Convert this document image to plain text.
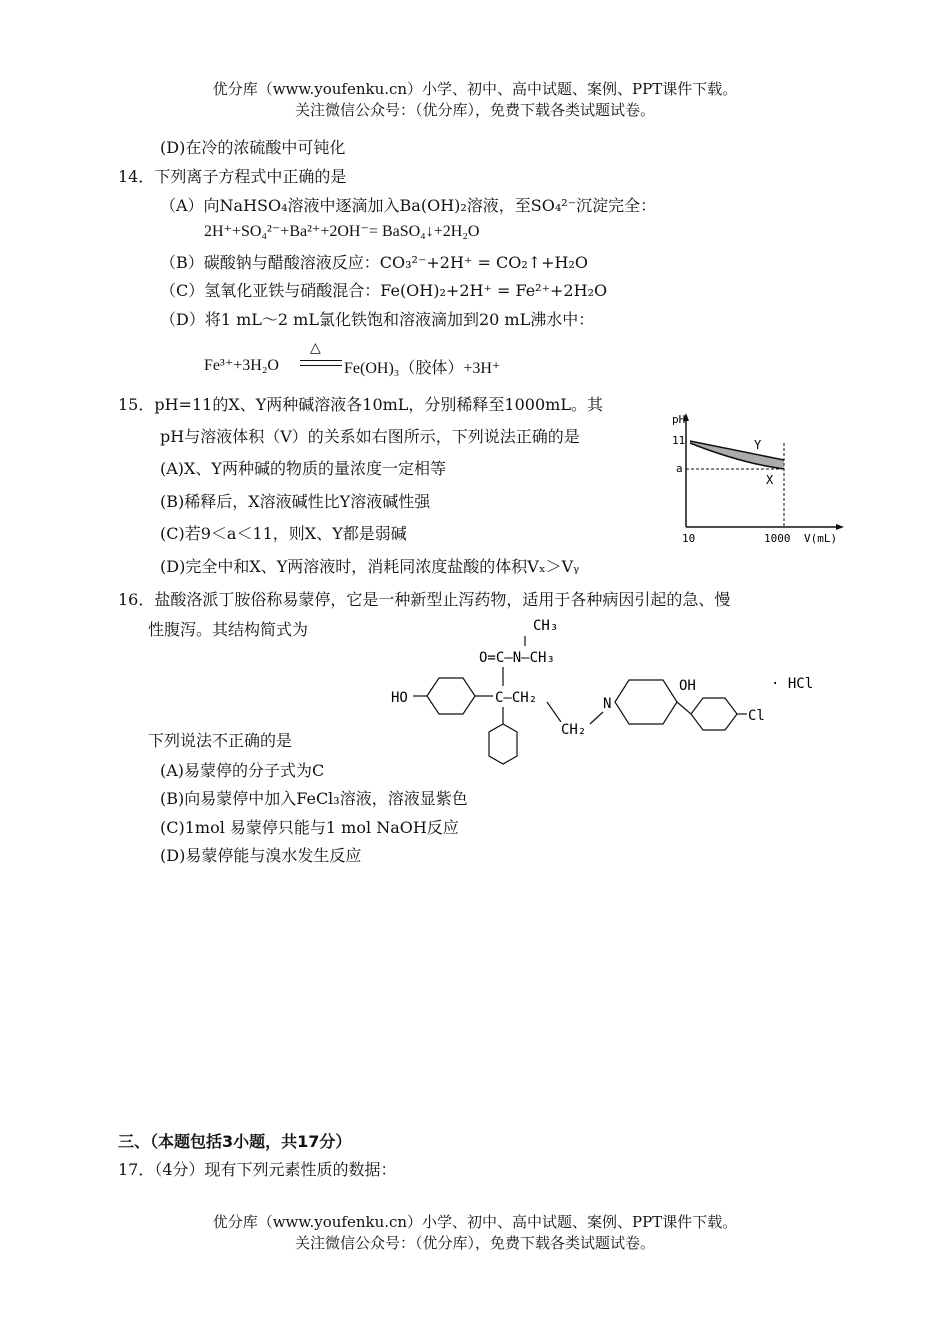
优分库（www.youfenku.cn）小学、初中、高中试题、案例、PPT课件下载。
关注微信公众号：（优分库），免费下载各类试题试卷。
(D)在冷的浓硫酸中可钝化
14．下列离子方程式中正确的是
（A）向NaHSO₄溶液中逐滴加入Ba(OH)₂溶液，至SO₄²⁻沉淀完全：
2H⁺+SO₄²⁻+Ba²⁺+2OH⁻= BaSO₄↓+2H₂O
（B）碳酸钠与醋酸溶液反应：CO₃²⁻+2H⁺ = CO₂↑+H₂O
（C）氢氧化亚铁与硝酸混合：Fe(OH)₂+2H⁺ = Fe²⁺+2H₂O
（D）将1 mL～2 mL氯化铁饱和溶液滴加到20 mL沸水中：
Fe³⁺+3H₂O
△
Fe(OH)₃（胶体）+3H⁺
15．pH=11的X、Y两种碱溶液各10mL，分别稀释至1000mL。其
pH与溶液体积（V）的关系如右图所示，下列说法正确的是
(A)X、Y两种碱的物质的量浓度一定相等
(B)稀释后，X溶液碱性比Y溶液碱性强
(C)若9＜a＜11，则X、Y都是弱碱
(D)完全中和X、Y两溶液时，消耗同浓度盐酸的体积Vₓ＞Vᵧ
pH
11
a
10	1000 V(mL)
Y
X
16．盐酸洛派丁胺俗称易蒙停，它是一种新型止泻药物，适用于各种病因引起的急、慢
性腹泻。其结构简式为	CH₃
O=C—N—CH₃
HO	C—CH₂
CH₂
N
OH
Cl
· HCl
下列说法不正确的是
(A)易蒙停的分子式为C
(B)向易蒙停中加入FeCl₃溶液，溶液显紫色
(C)1mol 易蒙停只能与1 mol NaOH反应
(D)易蒙停能与溴水发生反应
三、（本题包括3小题，共17分）
17．（4分）现有下列元素性质的数据：
优分库（www.youfenku.cn）小学、初中、高中试题、案例、PPT课件下载。
关注微信公众号：（优分库），免费下载各类试题试卷。
